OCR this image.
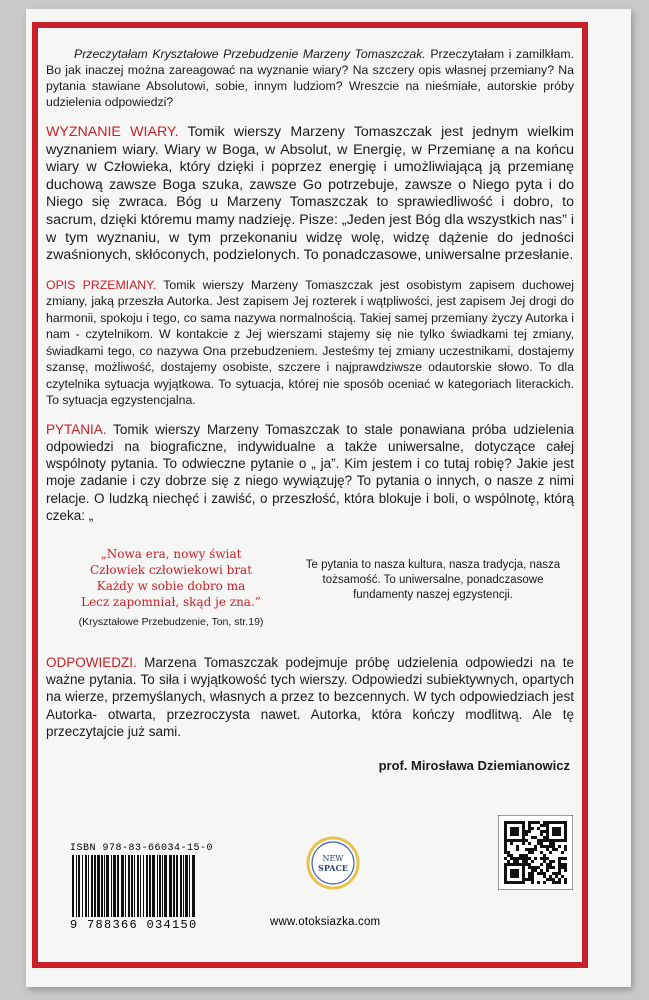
Przeczytałam Kryształowe Przebudzenie Marzeny Tomaszczak. Przeczytałam i zamilkłam. Bo jak inaczej można zareagować na wyznanie wiary? Na szczery opis własnej przemiany? Na pytania stawiane Absolutowi, sobie, innym ludziom? Wreszcie na nieśmiałe, autorskie próby udzielenia odpowiedzi?

WYZNANIE WIARY. Tomik wierszy Marzeny Tomaszczak jest jednym wielkim wyznaniem wiary. Wiary w Boga, w Absolut, w Energię, w Przemianę a na końcu wiary w Człowieka, który dzięki i poprzez energię i umożliwiającą ją przemianę duchową zawsze Boga szuka, zawsze Go potrzebuje, zawsze o Niego pyta i do Niego się zwraca. Bóg u Marzeny Tomaszczak to sprawiedliwość i dobro, to sacrum, dzięki któremu mamy nadzieję. Pisze: „Jeden jest Bóg dla wszystkich nas” i w tym wyznaniu, w tym przekonaniu widzę wolę, widzę dążenie do jedności zwaśnionych, skłóconych, podzielonych. To ponadczasowe, uniwersalne przesłanie.

OPIS PRZEMIANY. Tomik wierszy Marzeny Tomaszczak jest osobistym zapisem duchowej zmiany, jaką przeszła Autorka. Jest zapisem Jej rozterek i wątpliwości, jest zapisem Jej drogi do harmonii, spokoju i tego, co sama nazywa normalnością. Takiej samej przemiany życzy Autorka i nam - czytelnikom. W kontakcie z Jej wierszami stajemy się nie tylko świadkami tej zmiany, świadkami tego, co nazywa Ona przebudzeniem. Jesteśmy tej zmiany uczestnikami, dostajemy szansę, możliwość, dostajemy osobiste, szczere i najprawdziwsze odautorskie słowo. To dla czytelnika sytuacja wyjątkowa. To sytuacja, której nie sposób oceniać w kategoriach literackich. To sytuacja egzystencjalna.

PYTANIA. Tomik wierszy Marzeny Tomaszczak to stale ponawiana próba udzielenia odpowiedzi na biograficzne, indywidualne a także uniwersalne, dotyczące całej wspólnoty pytania. To odwieczne pytanie o „ ja”. Kim jestem i co tutaj robię? Jakie jest moje zadanie i czy dobrze się z niego wywiązuję? To pytania o innych, o nasze z nimi relacje. O ludzką niechęć i zawiść, o przeszłość, która blokuje i boli, o wspólnotę, którą czeka: „

„Nowa era, nowy świat
Człowiek człowiekowi brat
Każdy w sobie dobro ma
Lecz zapomniał, skąd je zna.”
(Kryształowe Przebudzenie, Ton, str.19)
Te pytania to nasza kultura, nasza tradycja, nasza tożsamość. To uniwersalne, ponadczasowe fundamenty naszej egzystencji.

ODPOWIEDZI. Marzena Tomaszczak podejmuje próbę udzielenia odpowiedzi na te ważne pytania. To siła i wyjątkowość tych wierszy. Odpowiedzi subiektywnych, opartych na wierze, przemyślanych, własnych a przez to bezcennych. W tych odpowiedziach jest Autorka- otwarta, przezroczysta nawet. Autorka, która kończy modlitwą. Ale tę przeczytajcie już sami.

prof. Mirosława Dziemianowicz
ISBN 978-83-66034-15-0
9 788366 034150
NEW
SPACE
www.otoksiazka.com
